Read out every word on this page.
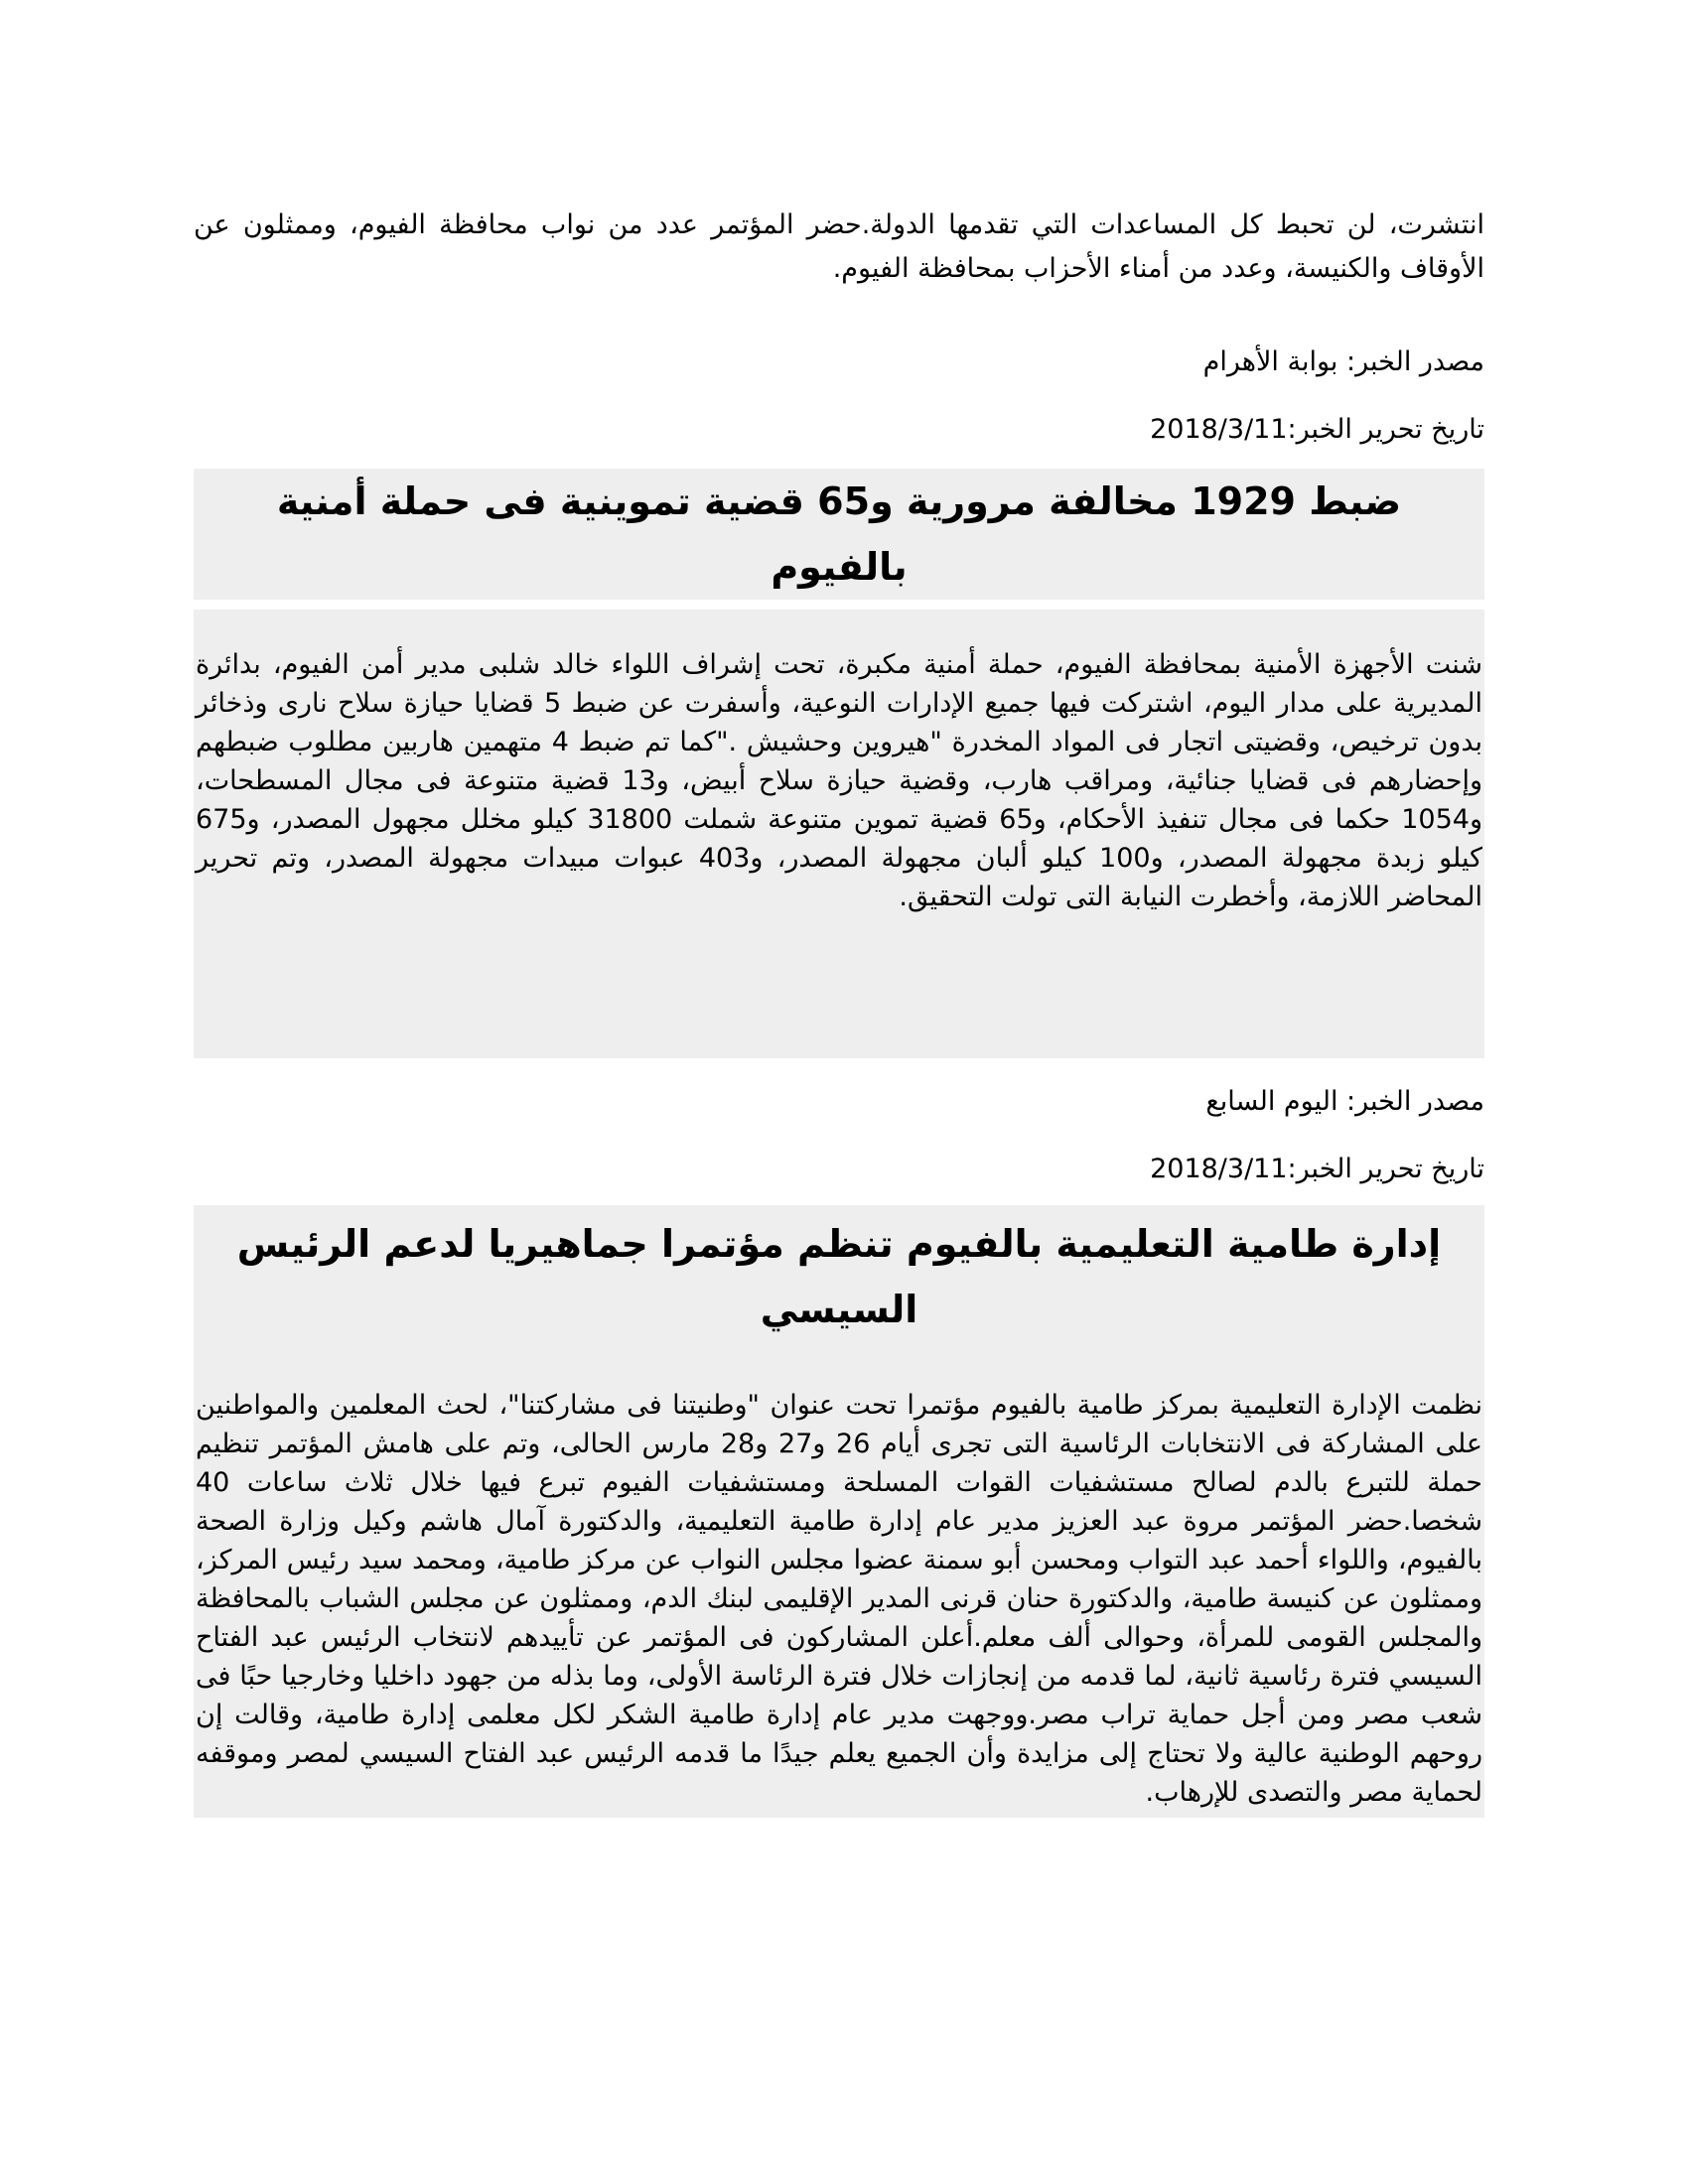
انتشرت، لن تحبط كل المساعدات التي تقدمها الدولة.حضر المؤتمر عدد من نواب محافظة الفيوم، وممثلون عن الأوقاف والكنيسة، وعدد من أمناء الأحزاب بمحافظة الفيوم.

مصدر الخبر: بوابة الأهرام

تاريخ تحرير الخبر:2018/3/11

ضبط 1929 مخالفة مرورية و65 قضية تموينية فى حملة أمنية بالفيوم

شنت الأجهزة الأمنية بمحافظة الفيوم، حملة أمنية مكبرة، تحت إشراف اللواء خالد شلبى مدير أمن الفيوم، بدائرة المديرية على مدار اليوم، اشتركت فيها جميع الإدارات النوعية، وأسفرت عن ضبط 5 قضايا حيازة سلاح نارى وذخائر بدون ترخيص، وقضيتى اتجار فى المواد المخدرة "هيروين وحشيش ."كما تم ضبط 4 متهمين هاربين مطلوب ضبطهم وإحضارهم فى قضايا جنائية، ومراقب هارب، وقضية حيازة سلاح أبيض، و13 قضية متنوعة فى مجال المسطحات، و1054 حكما فى مجال تنفيذ الأحكام، و65 قضية تموين متنوعة شملت 31800 كيلو مخلل مجهول المصدر، و675 كيلو زبدة مجهولة المصدر، و100 كيلو ألبان مجهولة المصدر، و403 عبوات مبيدات مجهولة المصدر، وتم تحرير المحاضر اللازمة، وأخطرت النيابة التى تولت التحقيق.

مصدر الخبر: اليوم السابع

تاريخ تحرير الخبر:2018/3/11

إدارة طامية التعليمية بالفيوم تنظم مؤتمرا جماهيريا لدعم الرئيس السيسي

نظمت الإدارة التعليمية بمركز طامية بالفيوم مؤتمرا تحت عنوان "وطنيتنا فى مشاركتنا"، لحث المعلمين والمواطنين على المشاركة فى الانتخابات الرئاسية التى تجرى أيام 26 و27 و28 مارس الحالى، وتم على هامش المؤتمر تنظيم حملة للتبرع بالدم لصالح مستشفيات القوات المسلحة ومستشفيات الفيوم تبرع فيها خلال ثلاث ساعات 40 شخصا.حضر المؤتمر مروة عبد العزيز مدير عام إدارة طامية التعليمية، والدكتورة آمال هاشم وكيل وزارة الصحة بالفيوم، واللواء أحمد عبد التواب ومحسن أبو سمنة عضوا مجلس النواب عن مركز طامية، ومحمد سيد رئيس المركز، وممثلون عن كنيسة طامية، والدكتورة حنان قرنى المدير الإقليمى لبنك الدم، وممثلون عن مجلس الشباب بالمحافظة والمجلس القومى للمرأة، وحوالى ألف معلم.أعلن المشاركون فى المؤتمر عن تأييدهم لانتخاب الرئيس عبد الفتاح السيسي فترة رئاسية ثانية، لما قدمه من إنجازات خلال فترة الرئاسة الأولى، وما بذله من جهود داخليا وخارجيا حبًا فى شعب مصر ومن أجل حماية تراب مصر.ووجهت مدير عام إدارة طامية الشكر لكل معلمى إدارة طامية، وقالت إن روحهم الوطنية عالية ولا تحتاج إلى مزايدة وأن الجميع يعلم جيدًا ما قدمه الرئيس عبد الفتاح السيسي لمصر وموقفه لحماية مصر والتصدى للإرهاب.
